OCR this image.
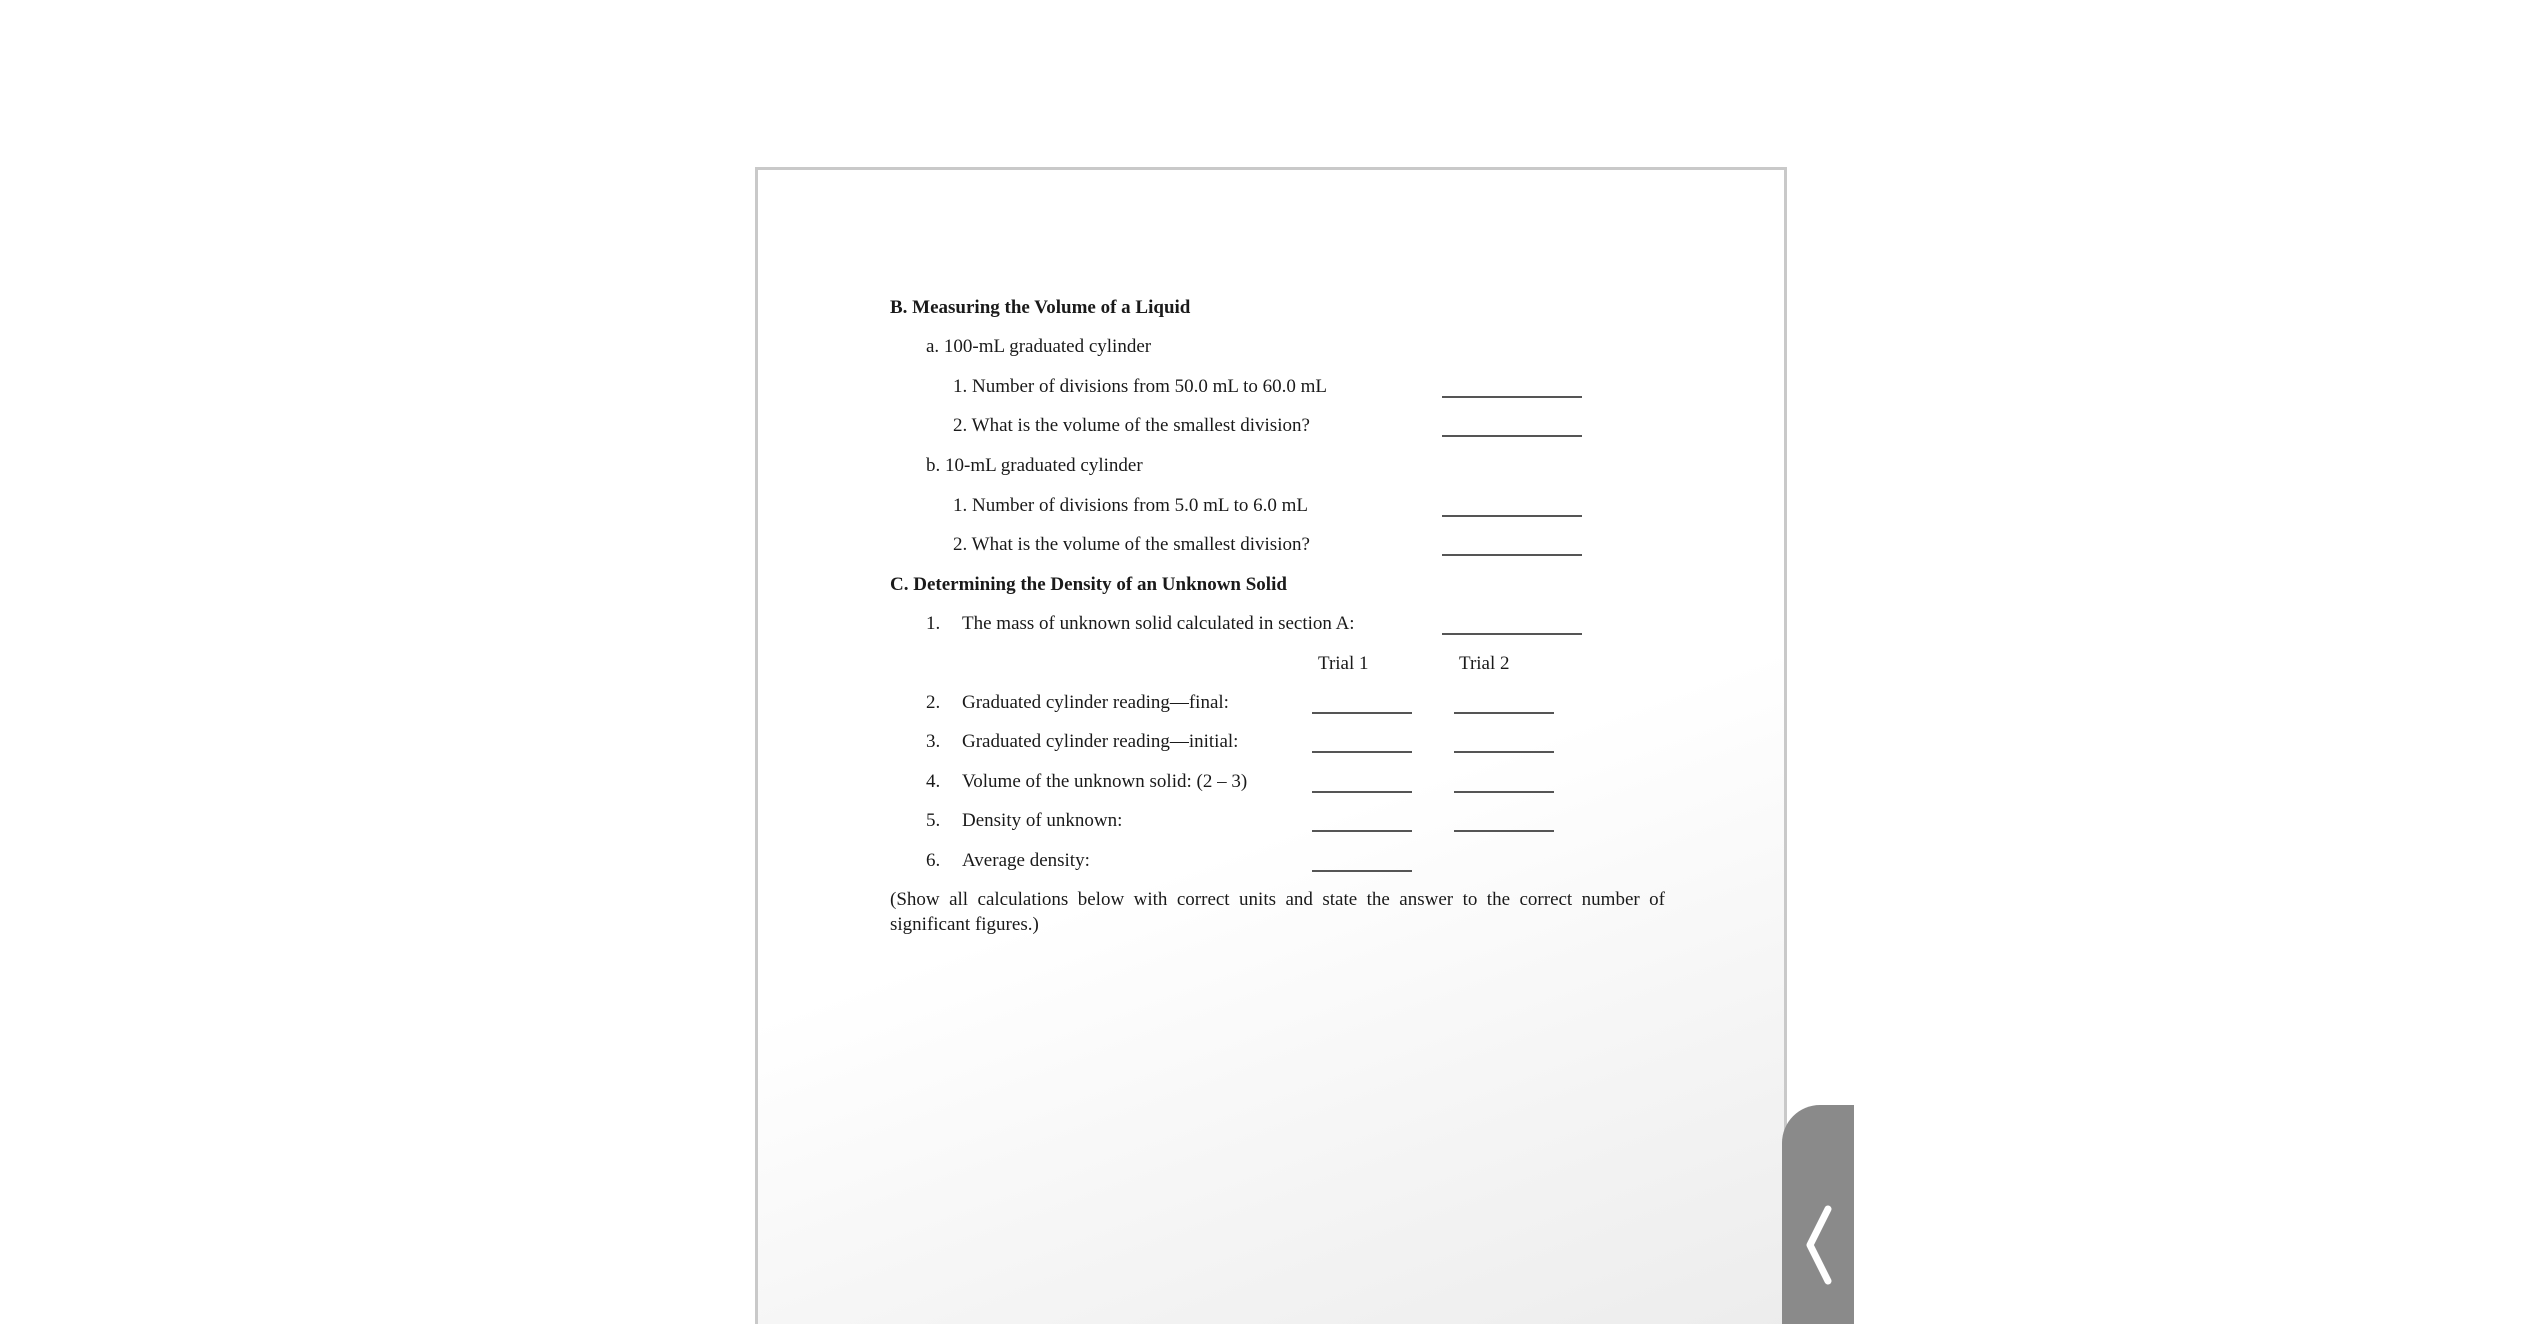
B. Measuring the Volume of a Liquid
a. 100-mL graduated cylinder
1. Number of divisions from 50.0 mL to 60.0 mL
2. What is the volume of the smallest division?
b. 10-mL graduated cylinder
1. Number of divisions from 5.0 mL to 6.0 mL
2. What is the volume of the smallest division?
C. Determining the Density of an Unknown Solid
1. The mass of unknown solid calculated in section A:
Trial 1	Trial 2
2. Graduated cylinder reading—final:
3. Graduated cylinder reading—initial:
4. Volume of the unknown solid: (2 – 3)
5. Density of unknown:
6. Average density:
(Show all calculations below with correct units and state the answer to the correct number of significant figures.)
